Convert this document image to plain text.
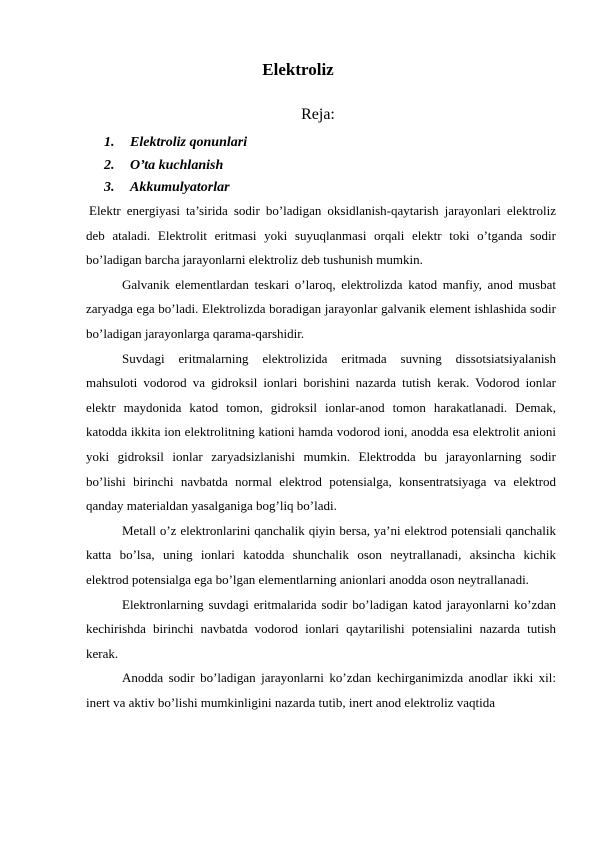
Elektroliz
Reja:
1. Elektroliz qonunlari
2. O’ta kuchlanish
3. Akkumulyatorlar

Elektr energiyasi ta’sirida sodir bo’ladigan oksidlanish-qaytarish jarayonlari elektroliz deb ataladi. Elektrolit eritmasi yoki suyuqlanmasi orqali elektr toki o’tganda sodir bo’ladigan barcha jarayonlarni elektroliz deb tushunish mumkin.

Galvanik elementlardan teskari o’laroq, elektrolizda katod manfiy, anod musbat zaryadga ega bo’ladi. Elektrolizda boradigan jarayonlar galvanik element ishlashida sodir bo’ladigan jarayonlarga qarama-qarshidir.

Suvdagi eritmalarning elektrolizida eritmada suvning dissotsiatsiyalanish mahsuloti vodorod va gidroksil ionlari borishini nazarda tutish kerak. Vodorod ionlar elektr maydonida katod tomon, gidroksil ionlar-anod tomon harakatlanadi. Demak, katodda ikkita ion elektrolitning kationi hamda vodorod ioni, anodda esa elektrolit anioni yoki gidroksil ionlar zaryadsizlanishi mumkin. Elektrodda bu jarayonlarning sodir bo’lishi birinchi navbatda normal elektrod potensialga, konsentratsiyaga va elektrod qanday materialdan yasalganiga bog’liq bo’ladi.

Metall o’z elektronlarini qanchalik qiyin bersa, ya’ni elektrod potensiali qanchalik katta bo’lsa, uning ionlari katodda shunchalik oson neytrallanadi, aksincha kichik elektrod potensialga ega bo’lgan elementlarning anionlari anodda oson neytrallanadi.

Elektronlarning suvdagi eritmalarida sodir bo’ladigan katod jarayonlarni ko’zdan kechirishda birinchi navbatda vodorod ionlari qaytarilishi potensialini nazarda tutish kerak.

Anodda sodir bo’ladigan jarayonlarni ko’zdan kechirganimizda anodlar ikki xil: inert va aktiv bo’lishi mumkinligini nazarda tutib, inert anod elektroliz vaqtida
